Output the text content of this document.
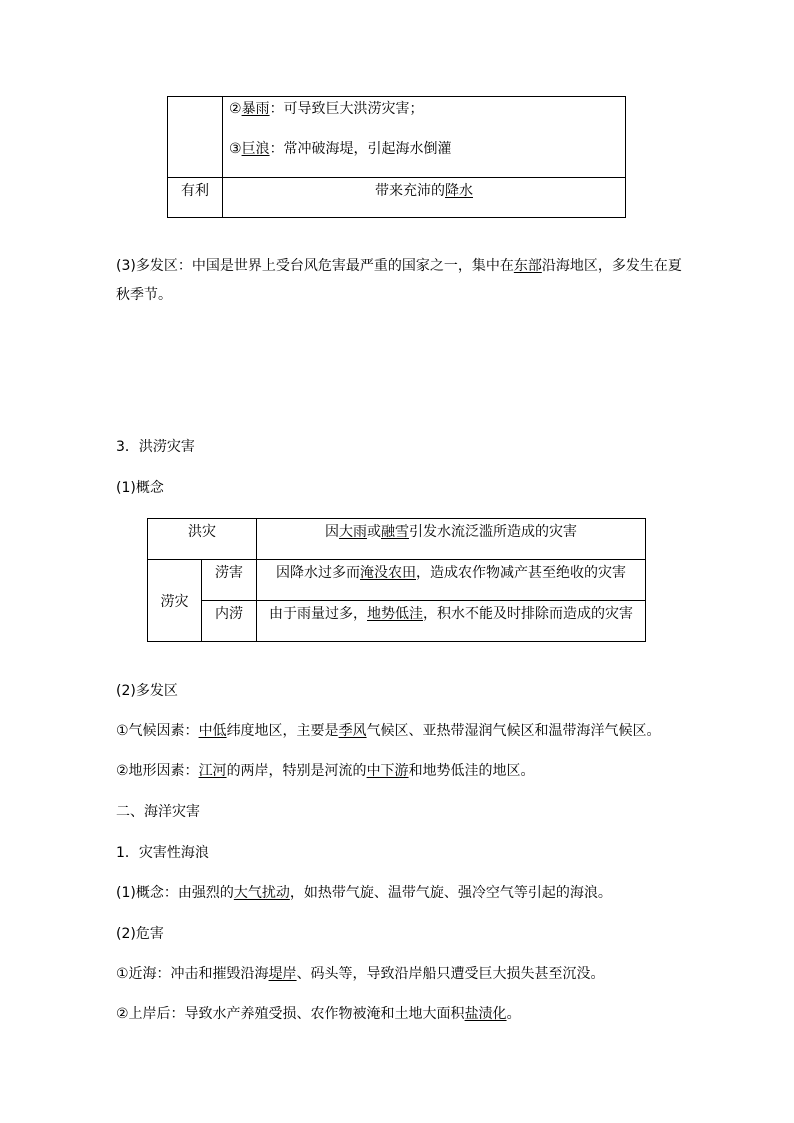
	②暴雨：可导致巨大洪涝灾害；
③巨浪：常冲破海堤，引起海水倒灌

有利	带来充沛的降水
(3)多发区：中国是世界上受台风危害最严重的国家之一，集中在东部沿海地区，多发生在夏
秋季节。
3．洪涝灾害
(1)概念
洪灾		因大雨或融雪引发水流泛滥所造成的灾害
涝灾	涝害	因降水过多而淹没农田，造成农作物减产甚至绝收的灾害
	内涝	由于雨量过多，地势低洼，积水不能及时排除而造成的灾害
(2)多发区
①气候因素：中低纬度地区，主要是季风气候区、亚热带湿润气候区和温带海洋气候区。
②地形因素：江河的两岸，特别是河流的中下游和地势低洼的地区。
二、海洋灾害
1．灾害性海浪
(1)概念：由强烈的大气扰动，如热带气旋、温带气旋、强冷空气等引起的海浪。
(2)危害
①近海：冲击和摧毁沿海堤岸、码头等，导致沿岸船只遭受巨大损失甚至沉没。
②上岸后：导致水产养殖受损、农作物被淹和土地大面积盐渍化。
